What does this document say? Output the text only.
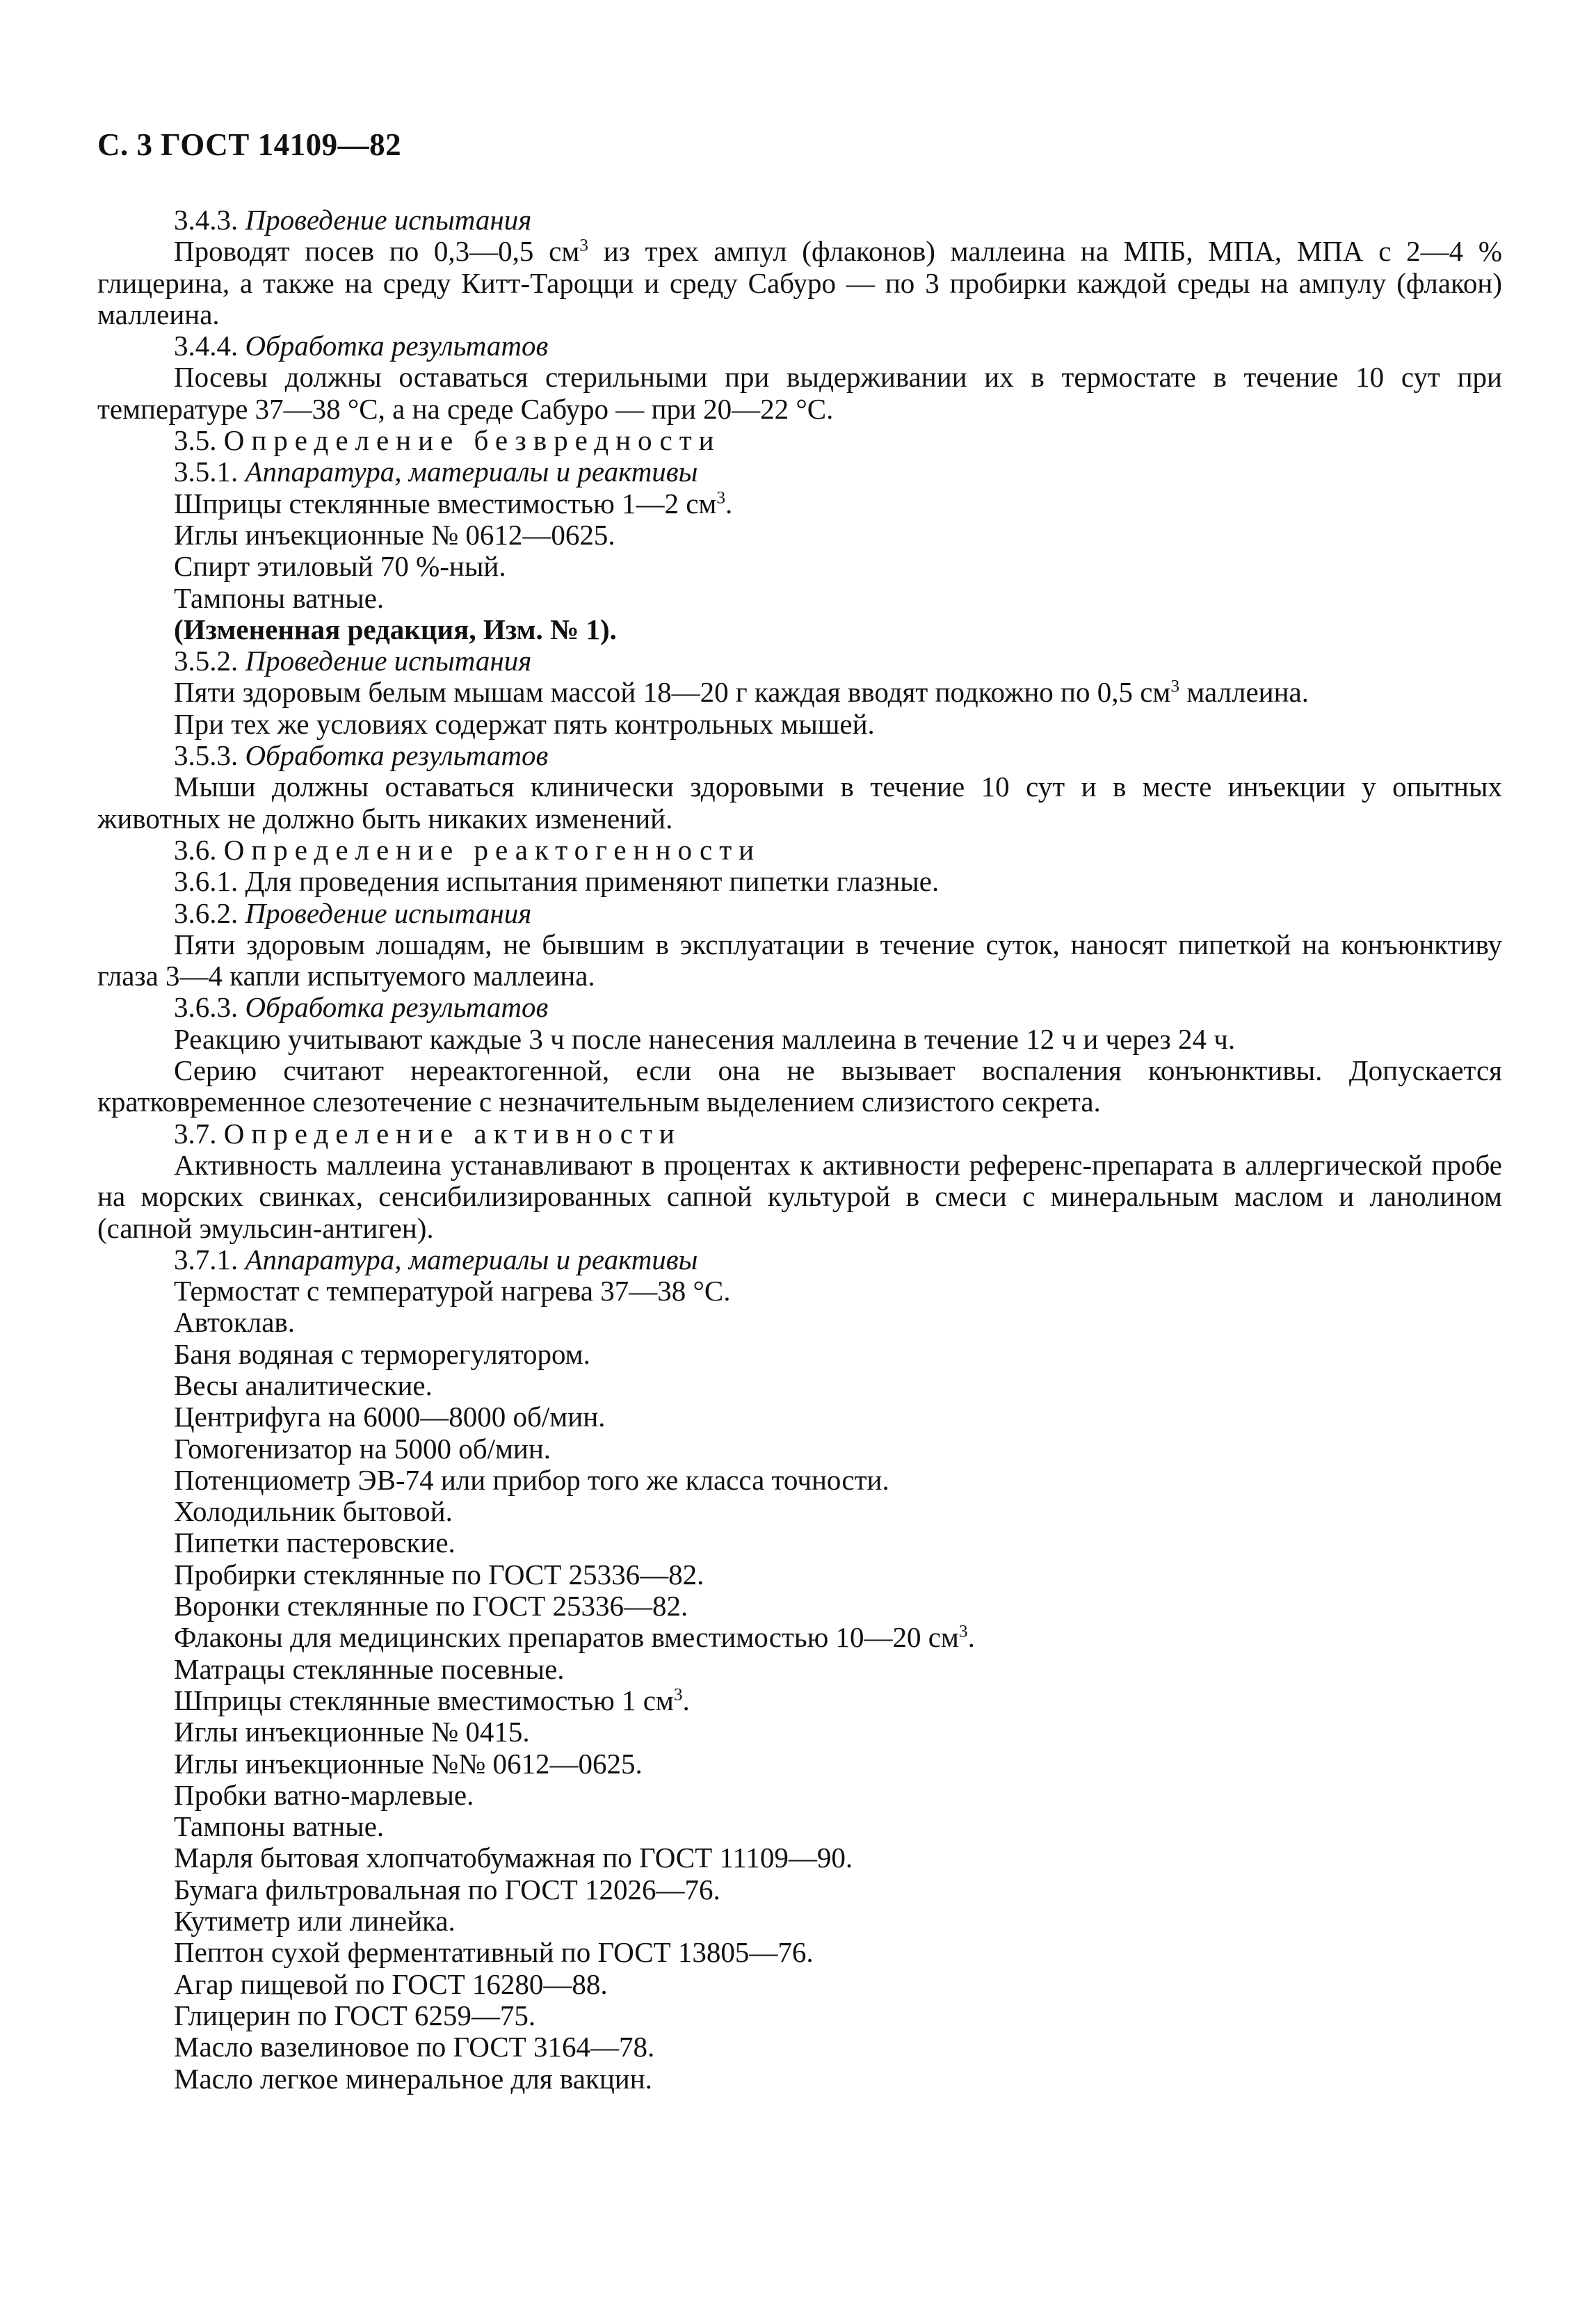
С. 3 ГОСТ 14109—82

3.4.3. Проведение испытания

Проводят посев по 0,3—0,5 $см^3$ из трех ампул (флаконов) маллеина на МПБ, МПА, МПА с 2—4 % глицерина, а также на среду Китт-Тароцци и среду Сабуро — по 3 пробирки каждой среды на ампулу (флакон) маллеина.

3.4.4. Обработка результатов

Посевы должны оставаться стерильными при выдерживании их в термостате в течение 10 сут при температуре 37—38 °С, а на среде Сабуро — при 20—22 °С.

3.5. Определение безвредности

3.5.1. Аппаратура, материалы и реактивы

Шприцы стеклянные вместимостью 1—2 $см^3$.

Иглы инъекционные № 0612—0625.

Спирт этиловый 70 %-ный.

Тампоны ватные.

(Измененная редакция, Изм. № 1).

3.5.2. Проведение испытания

Пяти здоровым белым мышам массой 18—20 г каждая вводят подкожно по 0,5 $см^3$ маллеина.

При тех же условиях содержат пять контрольных мышей.

3.5.3. Обработка результатов

Мыши должны оставаться клинически здоровыми в течение 10 сут и в месте инъекции у опытных животных не должно быть никаких изменений.

3.6. Определение реактогенности

3.6.1. Для проведения испытания применяют пипетки глазные.

3.6.2. Проведение испытания

Пяти здоровым лошадям, не бывшим в эксплуатации в течение суток, наносят пипеткой на конъюнктиву глаза 3—4 капли испытуемого маллеина.

3.6.3. Обработка результатов

Реакцию учитывают каждые 3 ч после нанесения маллеина в течение 12 ч и через 24 ч.

Серию считают нереактогенной, если она не вызывает воспаления конъюнктивы. Допускается кратковременное слезотечение с незначительным выделением слизистого секрета.

3.7. Определение активности

Активность маллеина устанавливают в процентах к активности референс-препарата в аллергической пробе на морских свинках, сенсибилизированных сапной культурой в смеси с минеральным маслом и ланолином (сапной эмульсин-антиген).

3.7.1. Аппаратура, материалы и реактивы

Термостат с температурой нагрева 37—38 °С.

Автоклав.

Баня водяная с терморегулятором.

Весы аналитические.

Центрифуга на 6000—8000 об/мин.

Гомогенизатор на 5000 об/мин.

Потенциометр ЭВ-74 или прибор того же класса точности.

Холодильник бытовой.

Пипетки пастеровские.

Пробирки стеклянные по ГОСТ 25336—82.

Воронки стеклянные по ГОСТ 25336—82.

Флаконы для медицинских препаратов вместимостью 10—20 $см^3$.

Матрацы стеклянные посевные.

Шприцы стеклянные вместимостью 1 $см^3$.

Иглы инъекционные № 0415.

Иглы инъекционные №№ 0612—0625.

Пробки ватно-марлевые.

Тампоны ватные.

Марля бытовая хлопчатобумажная по ГОСТ 11109—90.

Бумага фильтровальная по ГОСТ 12026—76.

Кутиметр или линейка.

Пептон сухой ферментативный по ГОСТ 13805—76.

Агар пищевой по ГОСТ 16280—88.

Глицерин по ГОСТ 6259—75.

Масло вазелиновое по ГОСТ 3164—78.

Масло легкое минеральное для вакцин.
